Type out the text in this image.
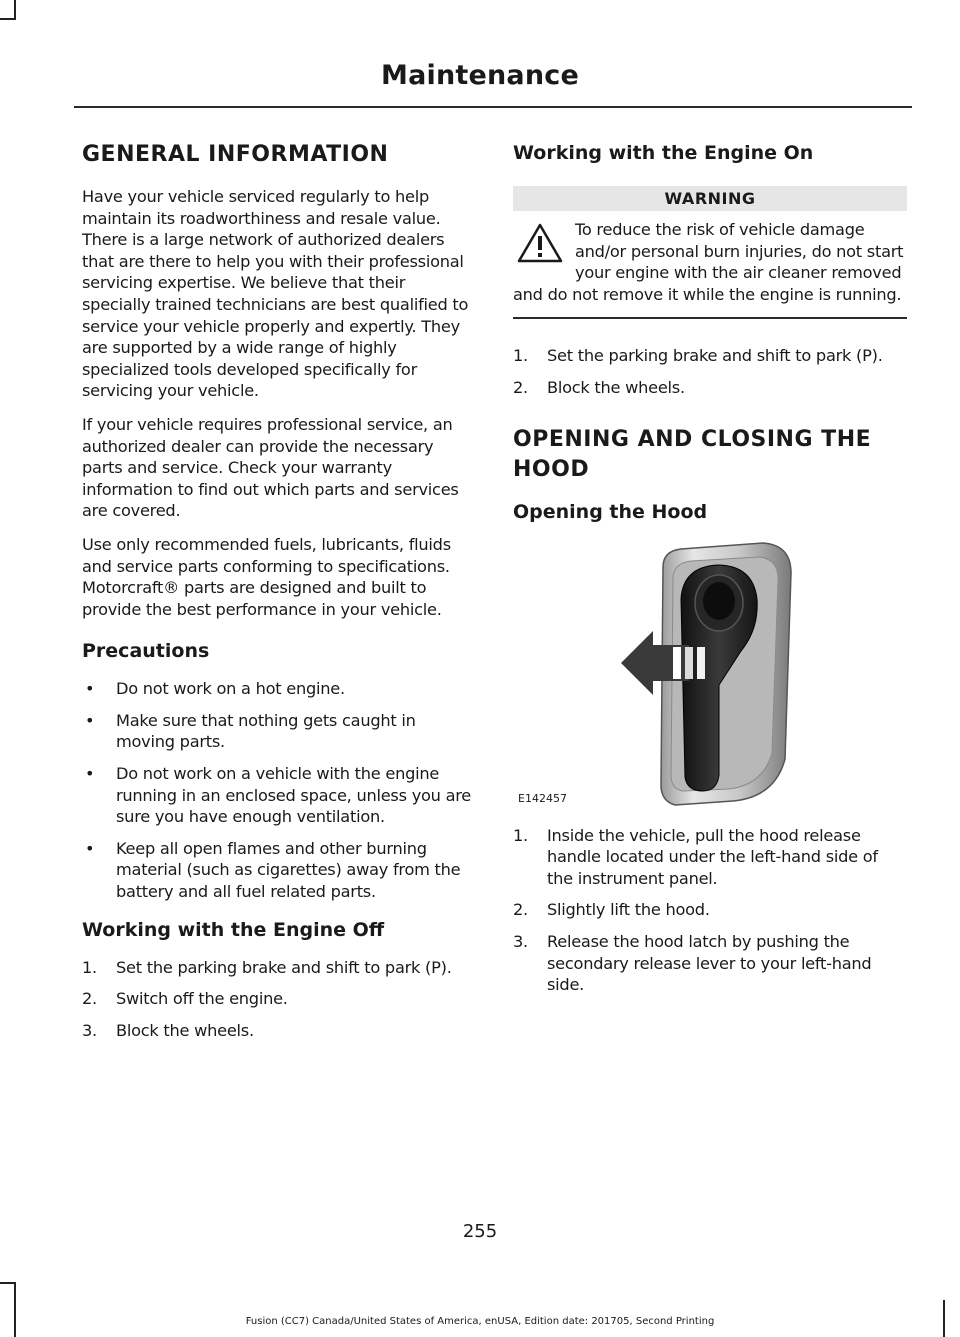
Maintenance
GENERAL INFORMATION

Have your vehicle serviced regularly to help maintain its roadworthiness and resale value. There is a large network of authorized dealers that are there to help you with their professional servicing expertise. We believe that their specially trained technicians are best qualified to service your vehicle properly and expertly. They are supported by a wide range of highly specialized tools developed specifically for servicing your vehicle.

If your vehicle requires professional service, an authorized dealer can provide the necessary parts and service. Check your warranty information to find out which parts and services are covered.

Use only recommended fuels, lubricants, fluids and service parts conforming to specifications. Motorcraft® parts are designed and built to provide the best performance in your vehicle.

Precautions
• Do not work on a hot engine.
• Make sure that nothing gets caught in moving parts.
• Do not work on a vehicle with the engine running in an enclosed space, unless you are sure you have enough ventilation.
• Keep all open flames and other burning material (such as cigarettes) away from the battery and all fuel related parts.
Working with the Engine Off
1. Set the parking brake and shift to park (P).
2. Switch off the engine.
3. Block the wheels.
Working with the Engine On
WARNING
To reduce the risk of vehicle damage and/or personal burn injuries, do not start your engine with the air cleaner removed and do not remove it while the engine is running.
1. Set the parking brake and shift to park (P).
2. Block the wheels.
OPENING AND CLOSING THE
HOOD
Opening the Hood
E142457
1. Inside the vehicle, pull the hood release handle located under the left-hand side of the instrument panel.
2. Slightly lift the hood.
3. Release the hood latch by pushing the secondary release lever to your left-hand side.
255
Fusion (CC7) Canada/United States of America, enUSA, Edition date: 201705, Second Printing
